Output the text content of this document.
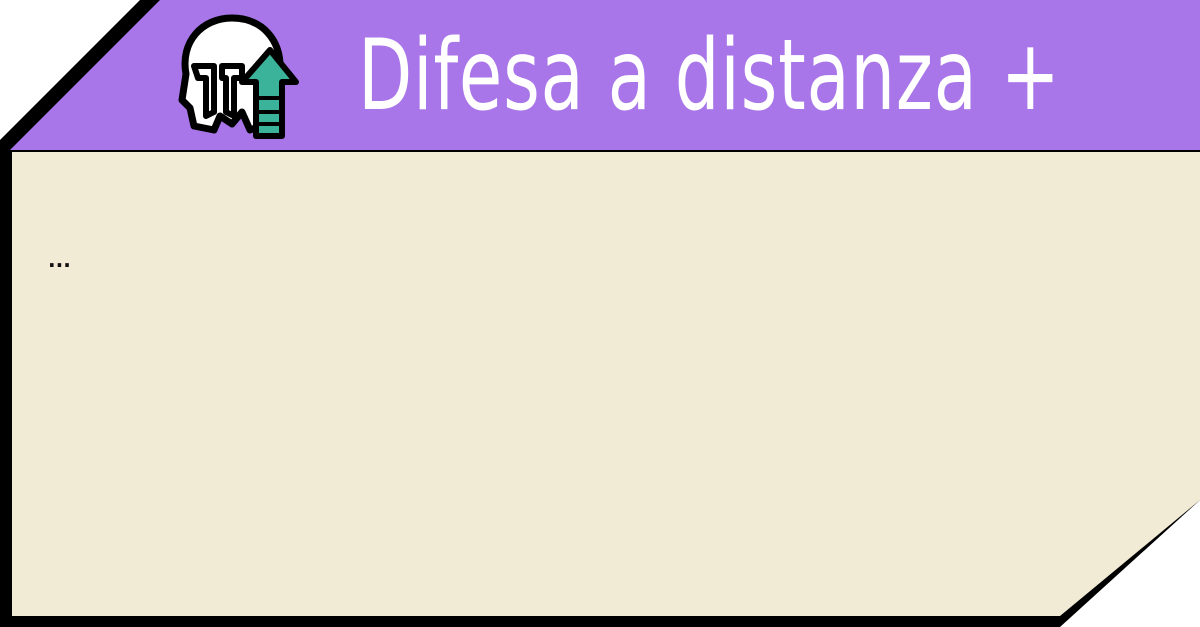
Difesa a distanza +
...
